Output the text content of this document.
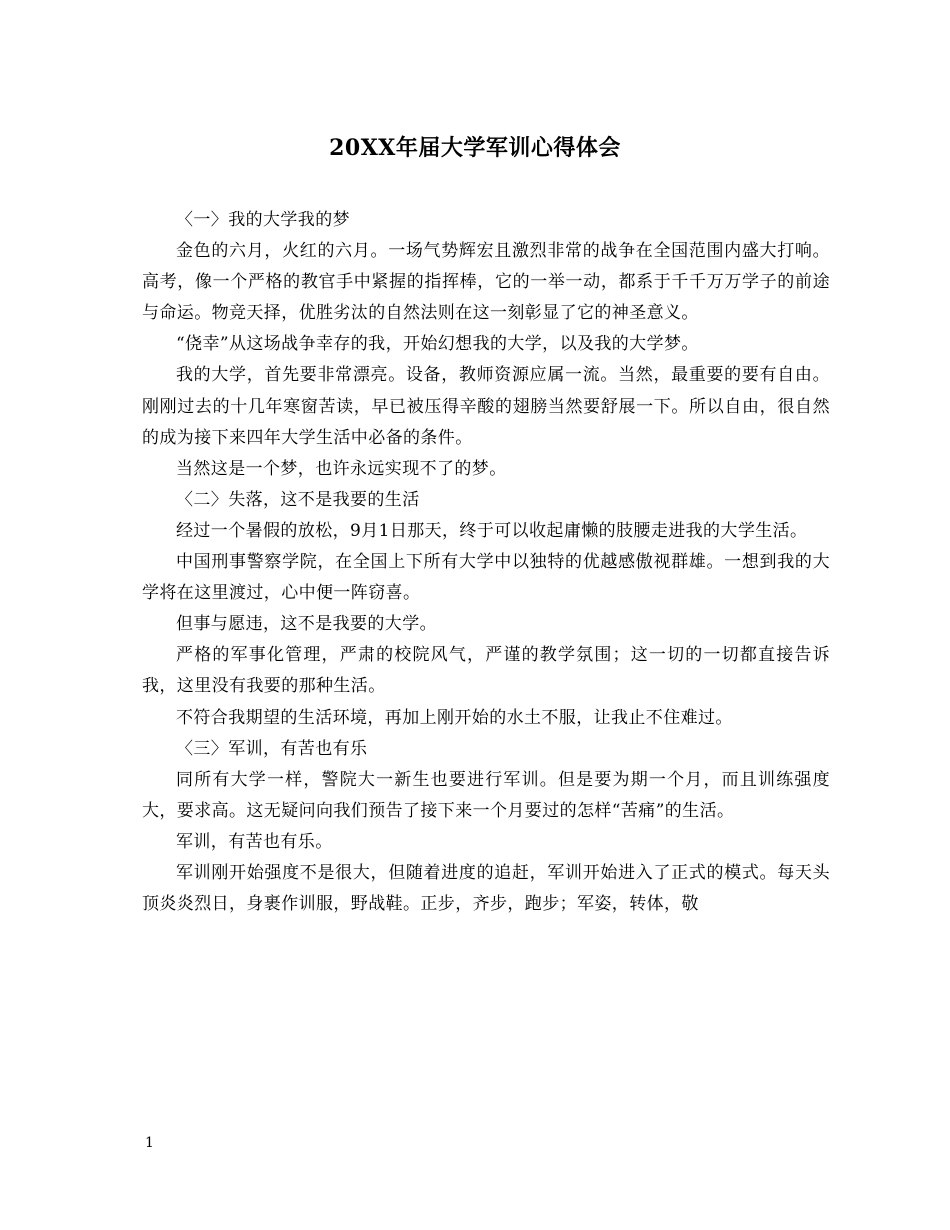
20XX年届大学军训心得体会

〈一〉我的大学我的梦

金色的六月，火红的六月。一场气势辉宏且激烈非常的战争在全国范围内盛大打响。高考，像一个严格的教官手中紧握的指挥棒，它的一举一动，都系于千千万万学子的前途与命运。物竞天择，优胜劣汰的自然法则在这一刻彰显了它的神圣意义。

“侥幸”从这场战争幸存的我，开始幻想我的大学，以及我的大学梦。

我的大学，首先要非常漂亮。设备，教师资源应属一流。当然，最重要的要有自由。刚刚过去的十几年寒窗苦读，早已被压得辛酸的翅膀当然要舒展一下。所以自由，很自然的成为接下来四年大学生活中必备的条件。

当然这是一个梦，也许永远实现不了的梦。

〈二〉失落，这不是我要的生活

经过一个暑假的放松，9月1日那天，终于可以收起庸懒的肢腰走进我的大学生活。

中国刑事警察学院，在全国上下所有大学中以独特的优越感傲视群雄。一想到我的大学将在这里渡过，心中便一阵窃喜。

但事与愿违，这不是我要的大学。

严格的军事化管理，严肃的校院风气，严谨的教学氛围；这一切的一切都直接告诉我，这里没有我要的那种生活。

不符合我期望的生活环境，再加上刚开始的水土不服，让我止不住难过。

〈三〉军训，有苦也有乐

同所有大学一样，警院大一新生也要进行军训。但是要为期一个月，而且训练强度大，要求高。这无疑问向我们预告了接下来一个月要过的怎样“苦痛”的生活。

军训，有苦也有乐。

军训刚开始强度不是很大，但随着进度的追赶，军训开始进入了正式的模式。每天头顶炎炎烈日，身裹作训服，野战鞋。正步，齐步，跑步；军姿，转体，敬

1
